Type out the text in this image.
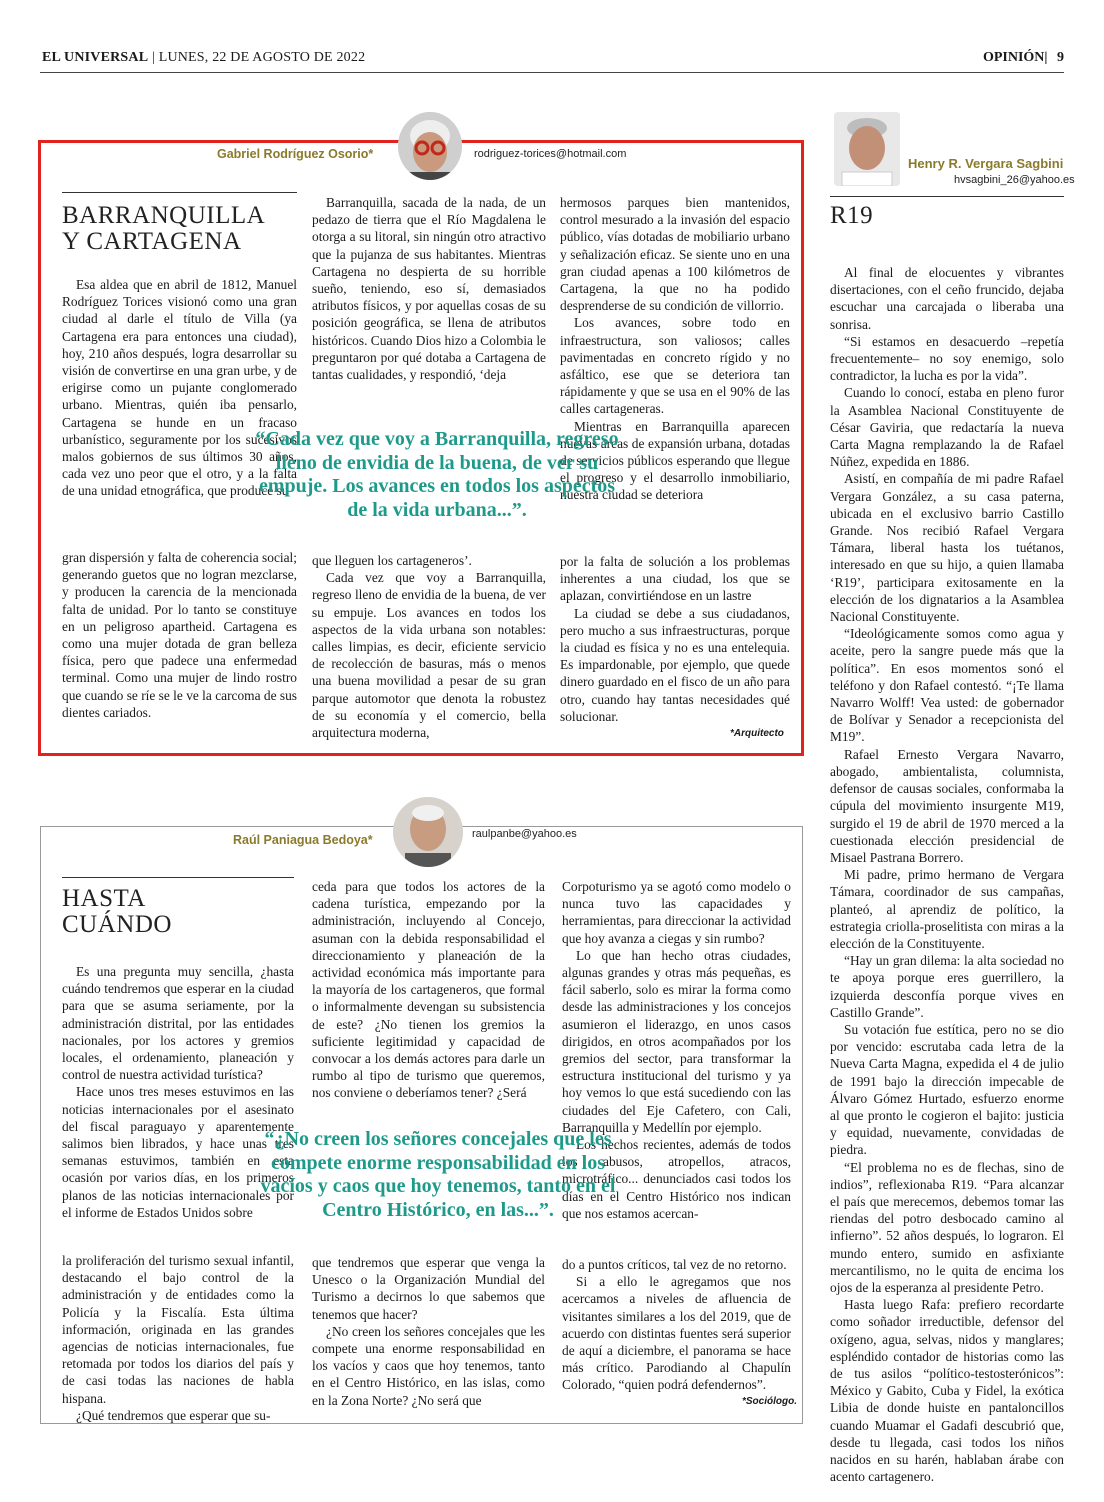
EL UNIVERSAL | LUNES, 22 DE AGOSTO DE 2022	OPINIÓN| 9
Gabriel Rodríguez Osorio*	rodriguez-torices@hotmail.com
BARRANQUILLA
Y CARTAGENA

Esa aldea que en abril de 1812, Manuel Rodríguez Torices visionó como una gran ciudad al darle el título de Villa (ya Cartagena era para entonces una ciudad), hoy, 210 años después, logra desarrollar su visión de convertirse en una gran urbe, y de erigirse como un pujante conglomerado urbano. Mientras, quién iba pensarlo, Cartagena se hunde en un fracaso urbanístico, seguramente por los sucesivos malos gobiernos de sus últimos 30 años, cada vez uno peor que el otro, y a la falta de una unidad etnográfica, que produce su

gran dispersión y falta de coherencia social; generando guetos que no logran mezclarse, y producen la carencia de la mencionada falta de unidad. Por lo tanto se constituye en un peligroso apartheid. Cartagena es como una mujer dotada de gran belleza física, pero que padece una enfermedad terminal. Como una mujer de lindo rostro que cuando se ríe se le ve la carcoma de sus dientes cariados.

Barranquilla, sacada de la nada, de un pedazo de tierra que el Río Magdalena le otorga a su litoral, sin ningún otro atractivo que la pujanza de sus habitantes. Mientras Cartagena no despierta de su horrible sueño, teniendo, eso sí, demasiados atributos físicos, y por aquellas cosas de su posición geográfica, se llena de atributos históricos. Cuando Dios hizo a Colombia le preguntaron por qué dotaba a Cartagena de tantas cualidades, y respondió, ‘deja

que lleguen los cartageneros’.

Cada vez que voy a Barranquilla, regreso lleno de envidia de la buena, de ver su empuje. Los avances en todos los aspectos de la vida urbana son notables: calles limpias, es decir, eficiente servicio de recolección de basuras, más o menos una buena movilidad a pesar de su gran parque automotor que denota la robustez de su economía y el comercio, bella arquitectura moderna,

hermosos parques bien mantenidos, control mesurado a la invasión del espacio público, vías dotadas de mobiliario urbano y señalización eficaz. Se siente uno en una gran ciudad apenas a 100 kilómetros de Cartagena, la que no ha podido desprenderse de su condición de villorrio.

Los avances, sobre todo en infraestructura, son valiosos; calles pavimentadas en concreto rígido y no asfáltico, ese que se deteriora tan rápidamente y que se usa en el 90% de las calles cartageneras.

Mientras en Barranquilla aparecen nuevas áreas de expansión urbana, dotadas de servicios públicos esperando que llegue el progreso y el desarrollo inmobiliario, nuestra ciudad se deteriora

por la falta de solución a los problemas inherentes a una ciudad, los que se aplazan, convirtiéndose en un lastre

La ciudad se debe a sus ciudadanos, pero mucho a sus infraestructuras, porque la ciudad es física y no es una entelequia. Es impardonable, por ejemplo, que quede dinero guardado en el fisco de un año para otro, cuando hay tantas necesidades qué solucionar.

“Cada vez que voy a Barranquilla, regreso lleno de envidia de la buena, de ver su empuje. Los avances en todos los aspectos de la vida urbana...”.
*Arquitecto
Raúl Paniagua Bedoya*	raulpanbe@yahoo.es
HASTA
CUÁNDO

Es una pregunta muy sencilla, ¿hasta cuándo tendremos que esperar en la ciudad para que se asuma seriamente, por la administración distrital, por las entidades nacionales, por los actores y gremios locales, el ordenamiento, planeación y control de nuestra actividad turística?

Hace unos tres meses estuvimos en las noticias internacionales por el asesinato del fiscal paraguayo y aparentemente salimos bien librados, y hace unas tres semanas estuvimos, también en esta ocasión por varios días, en los primeros planos de las noticias internacionales por el informe de Estados Unidos sobre

la proliferación del turismo sexual infantil, destacando el bajo control de la administración y de entidades como la Policía y la Fiscalía. Esta última información, originada en las grandes agencias de noticias internacionales, fue retomada por todos los diarios del país y de casi todas las naciones de habla hispana.

¿Qué tendremos que esperar que su-

ceda para que todos los actores de la cadena turística, empezando por la administración, incluyendo al Concejo, asuman con la debida responsabilidad el direccionamiento y planeación de la actividad económica más importante para la mayoría de los cartageneros, que formal o informalmente devengan su subsistencia de este? ¿No tienen los gremios la suficiente legitimidad y capacidad de convocar a los demás actores para darle un rumbo al tipo de turismo que queremos, nos conviene o deberíamos tener? ¿Será

que tendremos que esperar que venga la Unesco o la Organización Mundial del Turismo a decirnos lo que sabemos que tenemos que hacer?

¿No creen los señores concejales que les compete una enorme responsabilidad en los vacíos y caos que hoy tenemos, tanto en el Centro Histórico, en las islas, como en la Zona Norte? ¿No será que

Corpoturismo ya se agotó como modelo o nunca tuvo las capacidades y herramientas, para direccionar la actividad que hoy avanza a ciegas y sin rumbo?

Lo que han hecho otras ciudades, algunas grandes y otras más pequeñas, es fácil saberlo, solo es mirar la forma como desde las administraciones y los concejos asumieron el liderazgo, en unos casos dirigidos, en otros acompañados por los gremios del sector, para transformar la estructura institucional del turismo y ya hoy vemos lo que está sucediendo con las ciudades del Eje Cafetero, con Cali, Barranquilla y Medellín por ejemplo.

Los hechos recientes, además de todos los abusos, atropellos, atracos, microtráfico... denunciados casi todos los días en el Centro Histórico nos indican que nos estamos acercan-

do a puntos críticos, tal vez de no retorno.

Si a ello le agregamos que nos acercamos a niveles de afluencia de visitantes similares a los del 2019, que de acuerdo con distintas fuentes será superior de aquí a diciembre, el panorama se hace más crítico. Parodiando al Chapulín Colorado, “quien podrá defendernos”.

“¿No creen los señores concejales que les compete enorme responsabilidad en los vacíos y caos que hoy tenemos, tanto en el Centro Histórico, en las...”.
*Sociólogo.
Henry R. Vergara Sagbini
hvsagbini_26@yahoo.es
R19

Al final de elocuentes y vibrantes disertaciones, con el ceño fruncido, dejaba escuchar una carcajada o liberaba una sonrisa.

“Si estamos en desacuerdo –repetía frecuentemente– no soy enemigo, solo contradictor, la lucha es por la vida”.

Cuando lo conocí, estaba en pleno furor la Asamblea Nacional Constituyente de César Gaviria, que redactaría la nueva Carta Magna remplazando la de Rafael Núñez, expedida en 1886.

Asistí, en compañía de mi padre Rafael Vergara González, a su casa paterna, ubicada en el exclusivo barrio Castillo Grande. Nos recibió Rafael Vergara Támara, liberal hasta los tuétanos, interesado en que su hijo, a quien llamaba ‘R19’, participara exitosamente en la elección de los dignatarios a la Asamblea Nacional Constituyente.

“Ideológicamente somos como agua y aceite, pero la sangre puede más que la política”. En esos momentos sonó el teléfono y don Rafael contestó. “¡Te llama Navarro Wolff! Vea usted: de gobernador de Bolívar y Senador a recepcionista del M19”.

Rafael Ernesto Vergara Navarro, abogado, ambientalista, columnista, defensor de causas sociales, conformaba la cúpula del movimiento insurgente M19, surgido el 19 de abril de 1970 merced a la cuestionada elección presidencial de Misael Pastrana Borrero.

Mi padre, primo hermano de Vergara Támara, coordinador de sus campañas, planteó, al aprendiz de político, la estrategia criolla-proselitista con miras a la elección de la Constituyente.

“Hay un gran dilema: la alta sociedad no te apoya porque eres guerrillero, la izquierda desconfía porque vives en Castillo Grande”.

Su votación fue estítica, pero no se dio por vencido: escrutaba cada letra de la Nueva Carta Magna, expedida el 4 de julio de 1991 bajo la dirección impecable de Álvaro Gómez Hurtado, esfuerzo enorme al que pronto le cogieron el bajito: justicia y equidad, nuevamente, convidadas de piedra.

“El problema no es de flechas, sino de indios”, reflexionaba R19. “Para alcanzar el país que merecemos, debemos tomar las riendas del potro desbocado camino al infierno”. 52 años después, lo lograron. El mundo entero, sumido en asfixiante mercantilismo, no le quita de encima los ojos de la esperanza al presidente Petro.

Hasta luego Rafa: prefiero recordarte como soñador irreductible, defensor del oxígeno, agua, selvas, nidos y manglares; espléndido contador de historias como las de tus asilos “político-testosterónicos”: México y Gabito, Cuba y Fidel, la exótica Libia de donde huiste en pantaloncillos cuando Muamar el Gadafi descubrió que, desde tu llegada, casi todos los niños nacidos en su harén, hablaban árabe con acento cartagenero.
